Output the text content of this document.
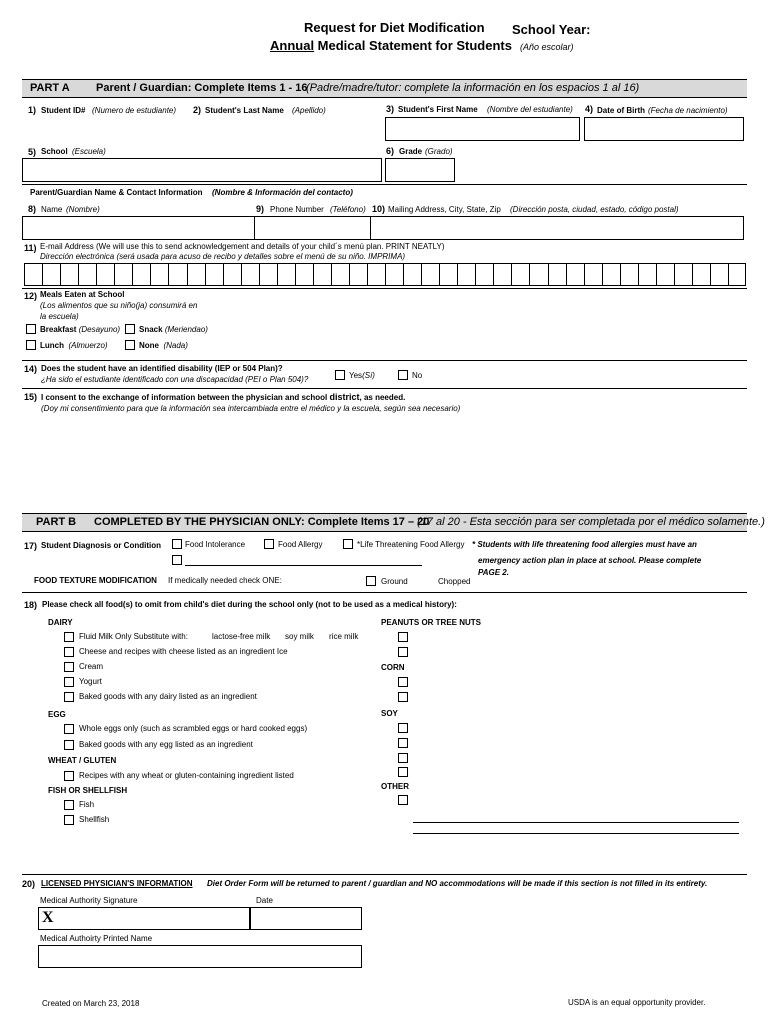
Request for Diet Modification
Annual Medical Statement for Students
School Year:
(Año escolar)
PART A Parent / Guardian: Complete Items 1 - 16
(Padre/madre/tutor: complete la información en los espacios 1 al 16)
1) Student ID# (Numero de estudiante) 2) Student's Last Name (Apellido)	3) Student's First Name (Nombre del estudiante) 4) Date of Birth (Fecha de nacimiento)
5) School (Escuela)	6) Grade (Grado)
Parent/Guardian Name & Contact Information (Nombre & Información del contacto)
8) Name (Nombre)	9) Phone Number (Teléfono) 10) Mailing Address, City, State, Zip (Dirección posta, ciudad, estado, código postal)
11) E-mail Address (We will use this to send acknowledgement and details of your child´s menú plan. PRINT NEATLY)
Dirección electrónica (será usada para acuso de recibo y detalles sobre el menú de su niño. IMPRIMA)
12) Meals Eaten at School
(Los alimentos que su niño(ja) consumirá en
la escuela)
Breakfast (Desayuno) Snack (Meriendao)
Lunch (Almuerzo)	None (Nada)
14) Does the student have an identified disability (IEP or 504 Plan)?
¿Ha sido el estudiante identificado con una discapacidad (PEI o Plan 504)?	Yes(Sí)	No
15) I consent to the exchange of information between the physician and school district, as needed.
(Doy mi consentimiento para que la información sea intercambiada entre el médico y la escuela, según sea necesario)
PART B COMPLETED BY THE PHYSICIAN ONLY: Complete Items 17 – 20
(17 al 20 - Esta sección para ser completada por el médico solamente.)
17) Student Diagnosis or Condition	Food Intolerance	Food Allergy	*Life Threatening Food Allergy * Students with life threatening food allergies must have an
emergency action plan in place at school. Please complete
PAGE 2.
FOOD TEXTURE MODIFICATION If medically needed check ONE:	Ground	Chopped
18) Please check all food(s) to omit from child's diet during the school only (not to be used as a medical history):
DAIRY
Fluid Milk Only Substitute with:	lactose-free milk soy milk rice milk
Cheese and recipes with cheese listed as an ingredient Ice
Cream
Yogurt
Baked goods with any dairy listed as an ingredient
EGG
Whole eggs only (such as scrambled eggs or hard cooked eggs)
Baked goods with any egg listed as an ingredient
WHEAT / GLUTEN
Recipes with any wheat or gluten-containing ingredient listed
FISH OR SHELLFISH
Fish
Shellfish
PEANUTS OR TREE NUTS
CORN
SOY
OTHER
20) LICENSED PHYSICIAN'S INFORMATION Diet Order Form will be returned to parent / guardian and NO accommodations will be made if this section is not filled in its entirety.
Medical Authority Signature	Date
X
Medical Authoirty Printed Name
Created on March 23, 2018	USDA is an equal opportunity provider.
